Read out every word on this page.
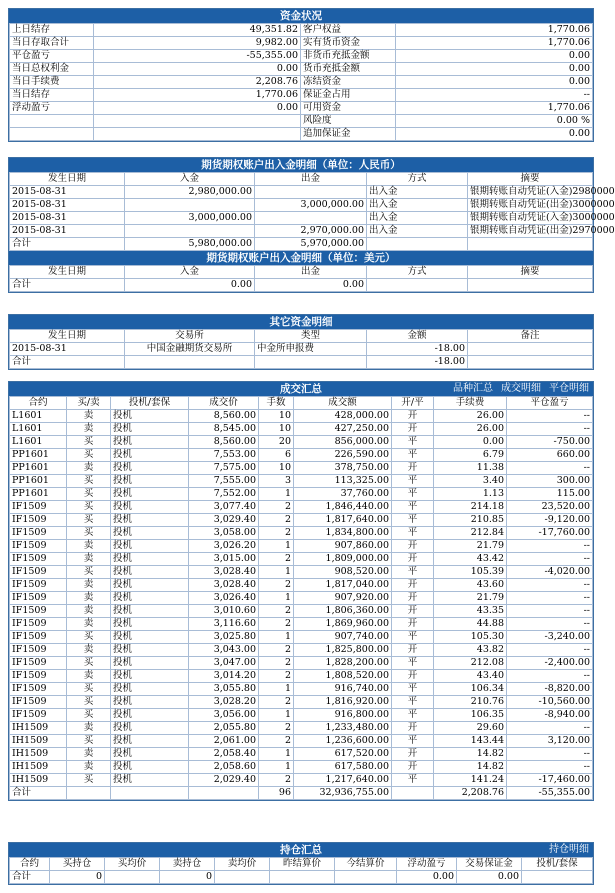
资金状况
上日结存	49,351.82	客户权益	1,770.06
当日存取合计	9,982.00	实有货币资金	1,770.06
平仓盈亏	-55,355.00	非货币充抵金额	0.00
当日总权利金	0.00	货币充抵金额	0.00
当日手续费	2,208.76	冻结资金	0.00
当日结存	1,770.06	保证金占用	--
浮动盈亏	0.00	可用资金	1,770.06
		风险度	0.00 %
		追加保证金	0.00
期货期权账户出入金明细（单位：人民币）
发生日期	入金	出金	方式	摘要
2015-08-31	2,980,000.00		出入金	银期转账自动凭证(入金)2980000
2015-08-31		3,000,000.00	出入金	银期转账自动凭证(出金)3000000
2015-08-31	3,000,000.00		出入金	银期转账自动凭证(入金)3000000
2015-08-31		2,970,000.00	出入金	银期转账自动凭证(出金)2970000
合计	5,980,000.00	5,970,000.00		
期货期权账户出入金明细（单位：美元）
发生日期	入金	出金	方式	摘要
合计	0.00	0.00		
其它资金明细
发生日期	交易所	类型	金额	备注
2015-08-31	中国金融期货交易所	中金所申报费	-18.00	
合计			-18.00	
成交汇总	品种汇总 成交明细 平仓明细
合约	买/卖	投机/套保	成交价	手数	成交额	开/平	手续费	平仓盈亏
L1601	卖	投机	8,560.00	10	428,000.00	开	26.00	--
L1601	卖	投机	8,545.00	10	427,250.00	开	26.00	--
L1601	买	投机	8,560.00	20	856,000.00	平	0.00	-750.00
PP1601	买	投机	7,553.00	6	226,590.00	平	6.79	660.00
PP1601	卖	投机	7,575.00	10	378,750.00	开	11.38	--
PP1601	买	投机	7,555.00	3	113,325.00	平	3.40	300.00
PP1601	买	投机	7,552.00	1	37,760.00	平	1.13	115.00
IF1509	买	投机	3,077.40	2	1,846,440.00	平	214.18	23,520.00
IF1509	买	投机	3,029.40	2	1,817,640.00	平	210.85	-9,120.00
IF1509	买	投机	3,058.00	2	1,834,800.00	平	212.84	-17,760.00
IF1509	卖	投机	3,026.20	1	907,860.00	开	21.79	--
IF1509	卖	投机	3,015.00	2	1,809,000.00	开	43.42	--
IF1509	买	投机	3,028.40	1	908,520.00	平	105.39	-4,020.00
IF1509	卖	投机	3,028.40	2	1,817,040.00	开	43.60	--
IF1509	卖	投机	3,026.40	1	907,920.00	开	21.79	--
IF1509	卖	投机	3,010.60	2	1,806,360.00	开	43.35	--
IF1509	卖	投机	3,116.60	2	1,869,960.00	开	44.88	--
IF1509	买	投机	3,025.80	1	907,740.00	平	105.30	-3,240.00
IF1509	卖	投机	3,043.00	2	1,825,800.00	开	43.82	--
IF1509	买	投机	3,047.00	2	1,828,200.00	平	212.08	-2,400.00
IF1509	卖	投机	3,014.20	2	1,808,520.00	开	43.40	--
IF1509	买	投机	3,055.80	1	916,740.00	平	106.34	-8,820.00
IF1509	买	投机	3,028.20	2	1,816,920.00	平	210.76	-10,560.00
IF1509	买	投机	3,056.00	1	916,800.00	平	106.35	-8,940.00
IH1509	卖	投机	2,055.80	2	1,233,480.00	开	29.60	--
IH1509	买	投机	2,061.00	2	1,236,600.00	平	143.44	3,120.00
IH1509	卖	投机	2,058.40	1	617,520.00	开	14.82	--
IH1509	卖	投机	2,058.60	1	617,580.00	开	14.82	--
IH1509	买	投机	2,029.40	2	1,217,640.00	平	141.24	-17,460.00
合计				96	32,936,755.00		2,208.76	-55,355.00
持仓汇总	持仓明细
合约	买持仓	买均价	卖持仓	卖均价	昨结算价	今结算价	浮动盈亏	交易保证金	投机/套保
合计	0		0				0.00	0.00	
